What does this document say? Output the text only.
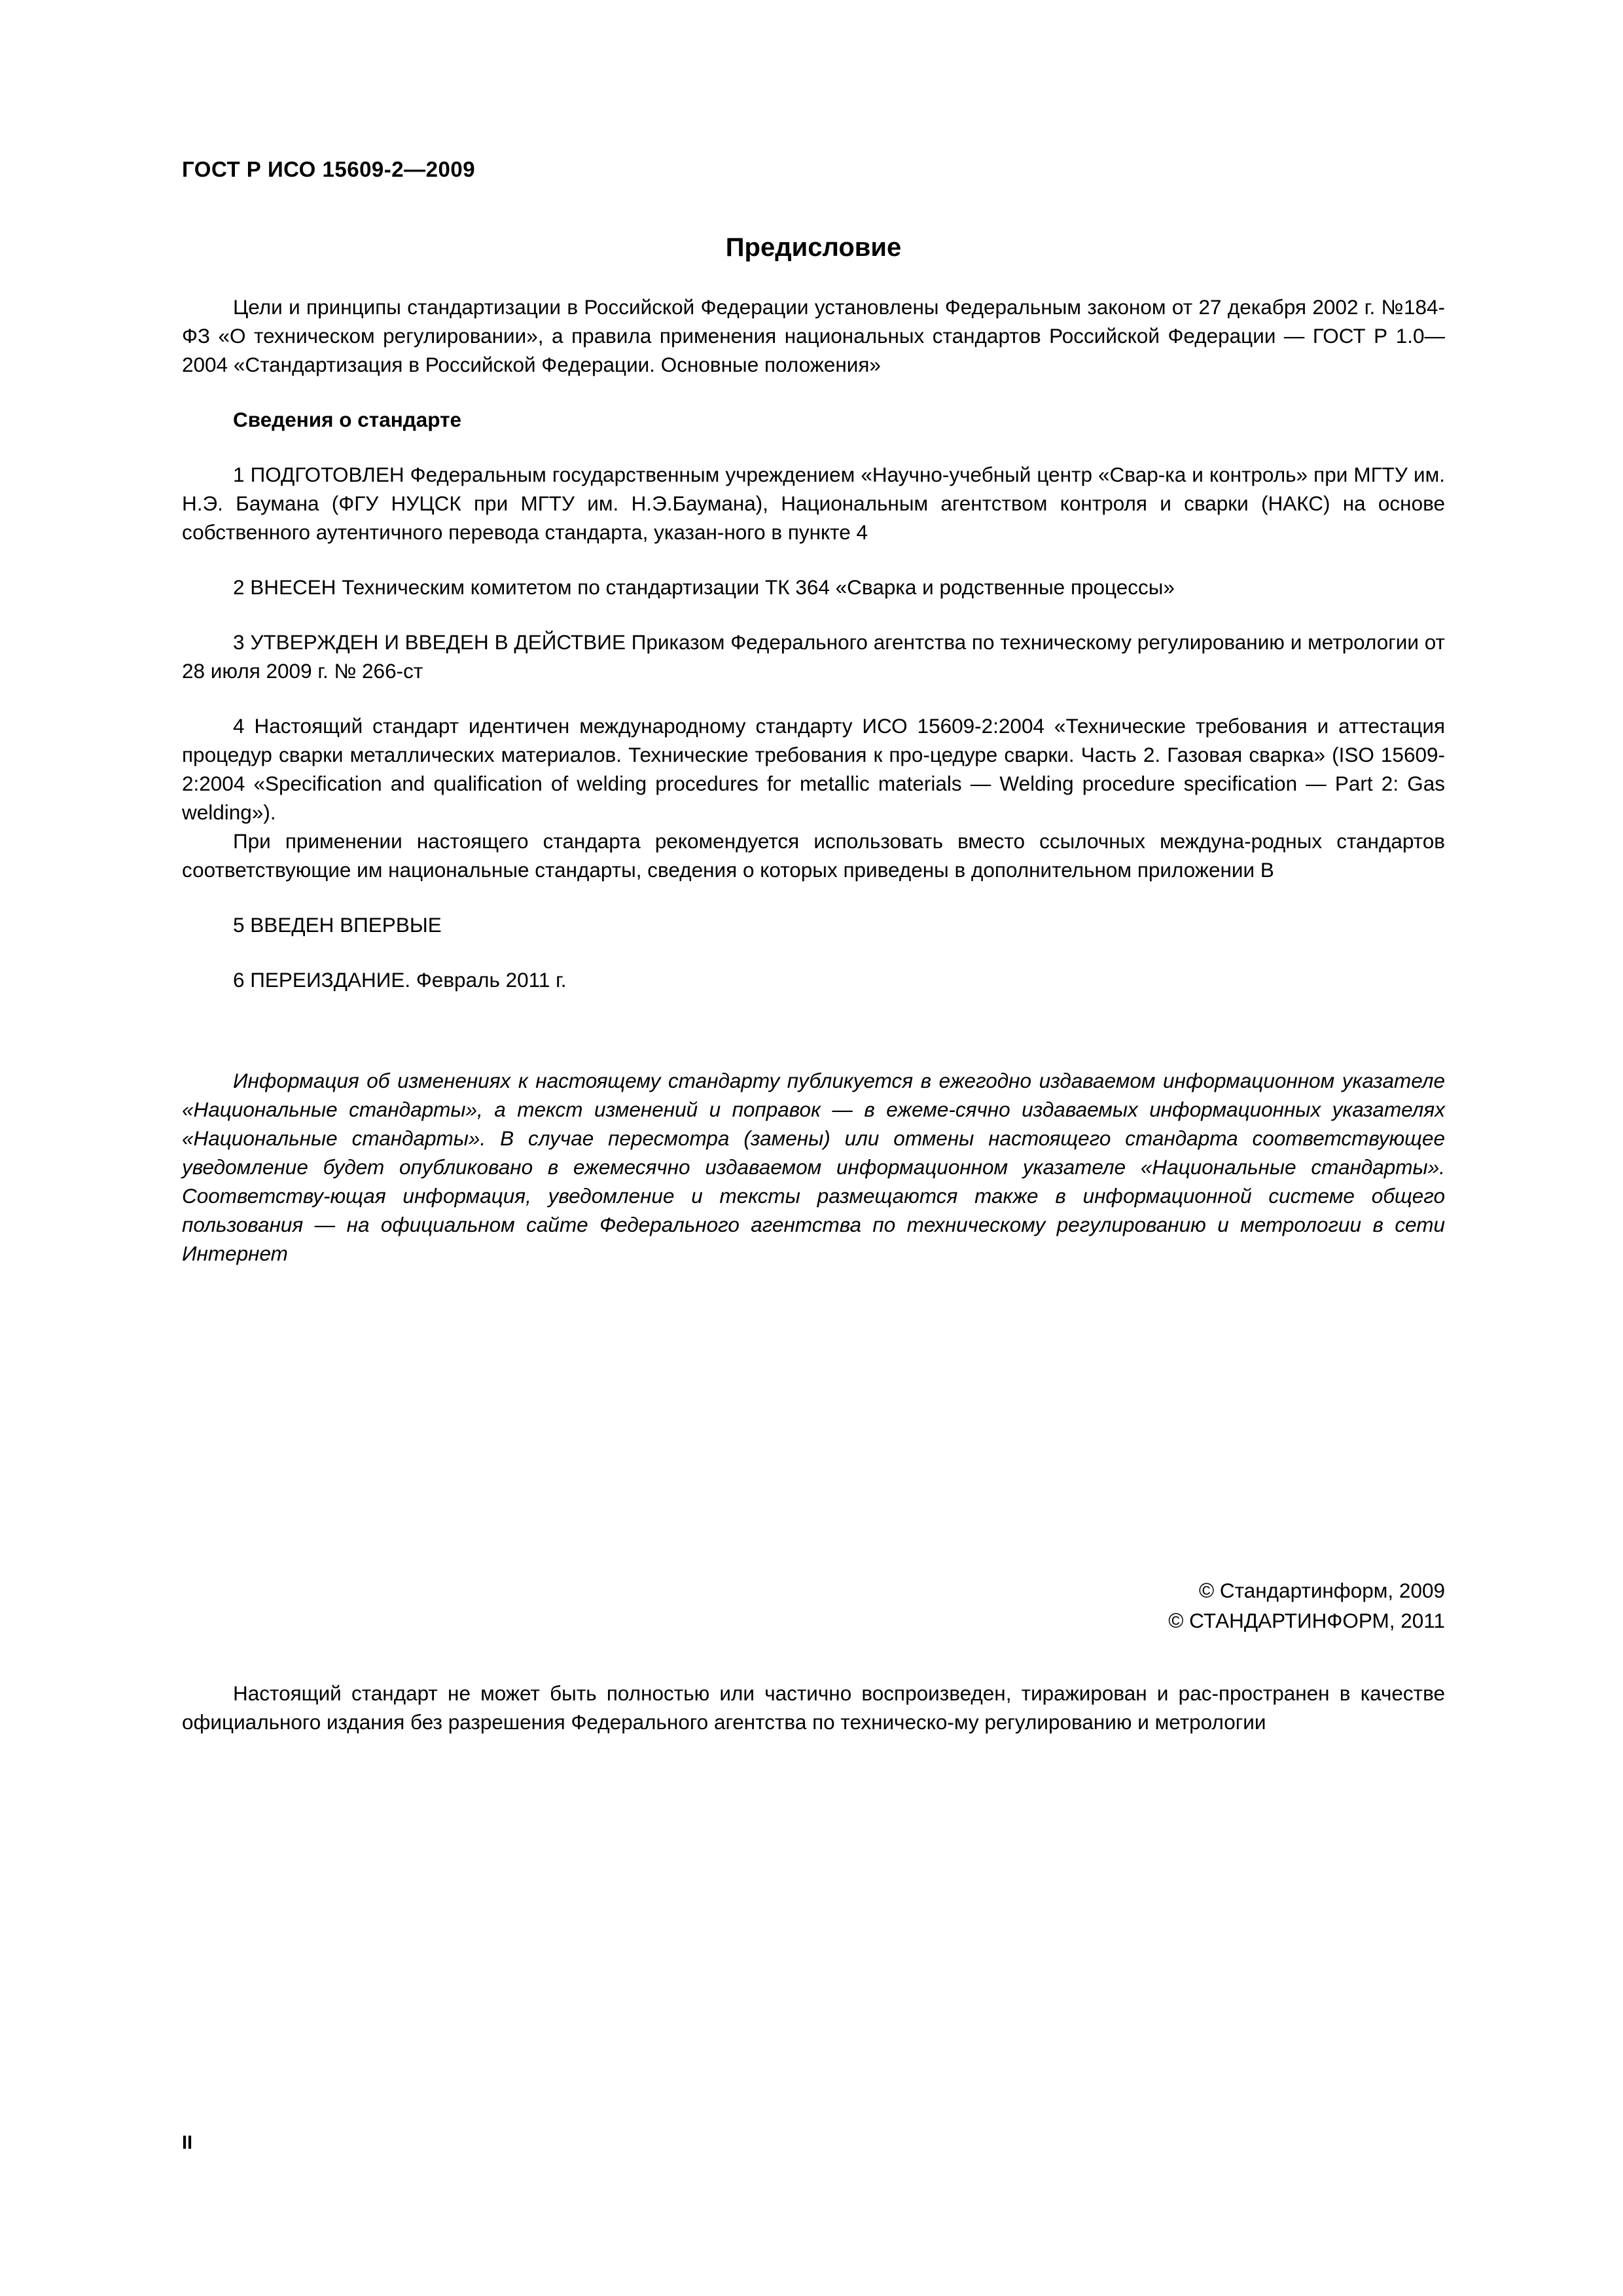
ГОСТ Р ИСО 15609-2—2009
Предисловие

Цели и принципы стандартизации в Российской Федерации установлены Федеральным законом от 27 декабря 2002 г. №184-ФЗ «О техническом регулировании», а правила применения национальных стандартов Российской Федерации — ГОСТ Р 1.0—2004 «Стандартизация в Российской Федерации. Основные положения»

Сведения о стандарте

1 ПОДГОТОВЛЕН Федеральным государственным учреждением «Научно-учебный центр «Свар-ка и контроль» при МГТУ им. Н.Э. Баумана (ФГУ НУЦСК при МГТУ им. Н.Э.Баумана), Национальным агентством контроля и сварки (НАКС) на основе собственного аутентичного перевода стандарта, указан-ного в пункте 4

2 ВНЕСЕН Техническим комитетом по стандартизации ТК 364 «Сварка и родственные процессы»

3 УТВЕРЖДЕН И ВВЕДЕН В ДЕЙСТВИЕ Приказом Федерального агентства по техническому регулированию и метрологии от 28 июля 2009 г. № 266-ст

4 Настоящий стандарт идентичен международному стандарту ИСО 15609-2:2004 «Технические требования и аттестация процедур сварки металлических материалов. Технические требования к про-цедуре сварки. Часть 2. Газовая сварка» (ISO 15609-2:2004 «Specification and qualification of welding procedures for metallic materials — Welding procedure specification — Part 2: Gas welding»).

При применении настоящего стандарта рекомендуется использовать вместо ссылочных междуна-родных стандартов соответствующие им национальные стандарты, сведения о которых приведены в дополнительном приложении В

5 ВВЕДЕН ВПЕРВЫЕ

6 ПЕРЕИЗДАНИЕ. Февраль 2011 г.

Информация об изменениях к настоящему стандарту публикуется в ежегодно издаваемом информационном указателе «Национальные стандарты», а текст изменений и поправок — в ежеме-сячно издаваемых информационных указателях «Национальные стандарты». В случае пересмотра (замены) или отмены настоящего стандарта соответствующее уведомление будет опубликовано в ежемесячно издаваемом информационном указателе «Национальные стандарты». Соответству-ющая информация, уведомление и тексты размещаются также в информационной системе общего пользования — на официальном сайте Федерального агентства по техническому регулированию и метрологии в сети Интернет

© Стандартинформ, 2009
© СТАНДАРТИНФОРМ, 2011

Настоящий стандарт не может быть полностью или частично воспроизведен, тиражирован и рас-пространен в качестве официального издания без разрешения Федерального агентства по техническо-му регулированию и метрологии

II
